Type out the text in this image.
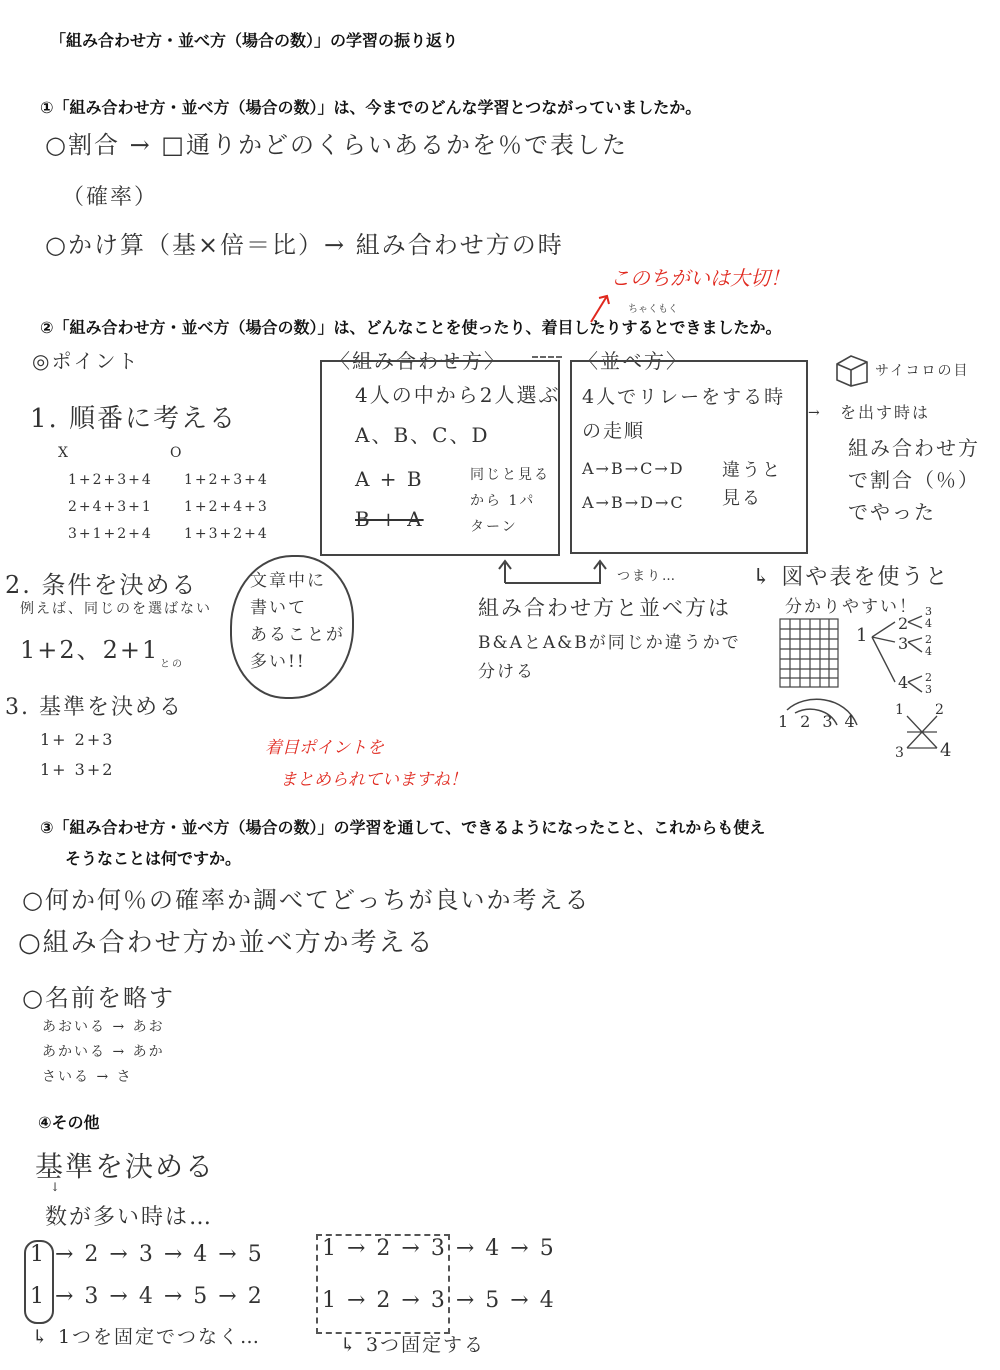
「組み合わせ方・並べ方（場合の数）」の学習の振り返り
①「組み合わせ方・並べ方（場合の数）」は、今までのどんな学習とつながっていましたか。
○割合 → □通りかどのくらいあるかを％で表した
（確率）
○かけ算（基×倍＝比）→ 組み合わせ方の時
このちがいは大切！
ちゃくもく
②「組み合わせ方・並べ方（場合の数）」は、どんなことを使ったり、着目したりするとできましたか。
◎ポイント
1. 順番に考える
X
1+2+3+4
2+4+3+1
3+1+2+4
O
1+2+3+4
1+2+4+3
1+3+2+4
2. 条件を決める
例えば、同じのを選ばない
1+2、2+1
との
文章中に
書いて
あることが
多い!!
3. 基準を決める
1+ 2+3
1+ 3+2
着目ポイントを
まとめられていますね！
〈組み合わせ方〉
4人の中から2人選ぶ
A、B、C、D
A + B
B + A
同じと見るから 1パターン
〈並べ方〉
4人でリレーをする時
の走順
A→B→C→D
A→B→D→C
違うと見る
つまり…
組み合わせ方と並べ方は
B&AとA&Bが同じか違うかで
分ける
→
サイコロの目
を出す時は
組み合わせ方
で割合（％）
でやった
↳ 図や表を使うと
分かりやすい！
1
2
3
4
3
4
2
4
2
3
1234
1 2
3 4
③「組み合わせ方・並べ方（場合の数）」の学習を通して、できるようになったこと、これからも使え
そうなことは何ですか。
○何か何％の確率か調べてどっちが良いか考える
○組み合わせ方か並べ方か考える
○名前を略す
あおいる → あお
あかいる → あか
さいる → さ
④その他
基準を決める
↓
数が多い時は…
1 → 2 → 3 → 4 → 5
1 → 3 → 4 → 5 → 2
↳ 1つを固定でつなく…
1 → 2 → 3 → 4 → 5
1 → 2 → 3 → 5 → 4
↳ 3つ固定する
